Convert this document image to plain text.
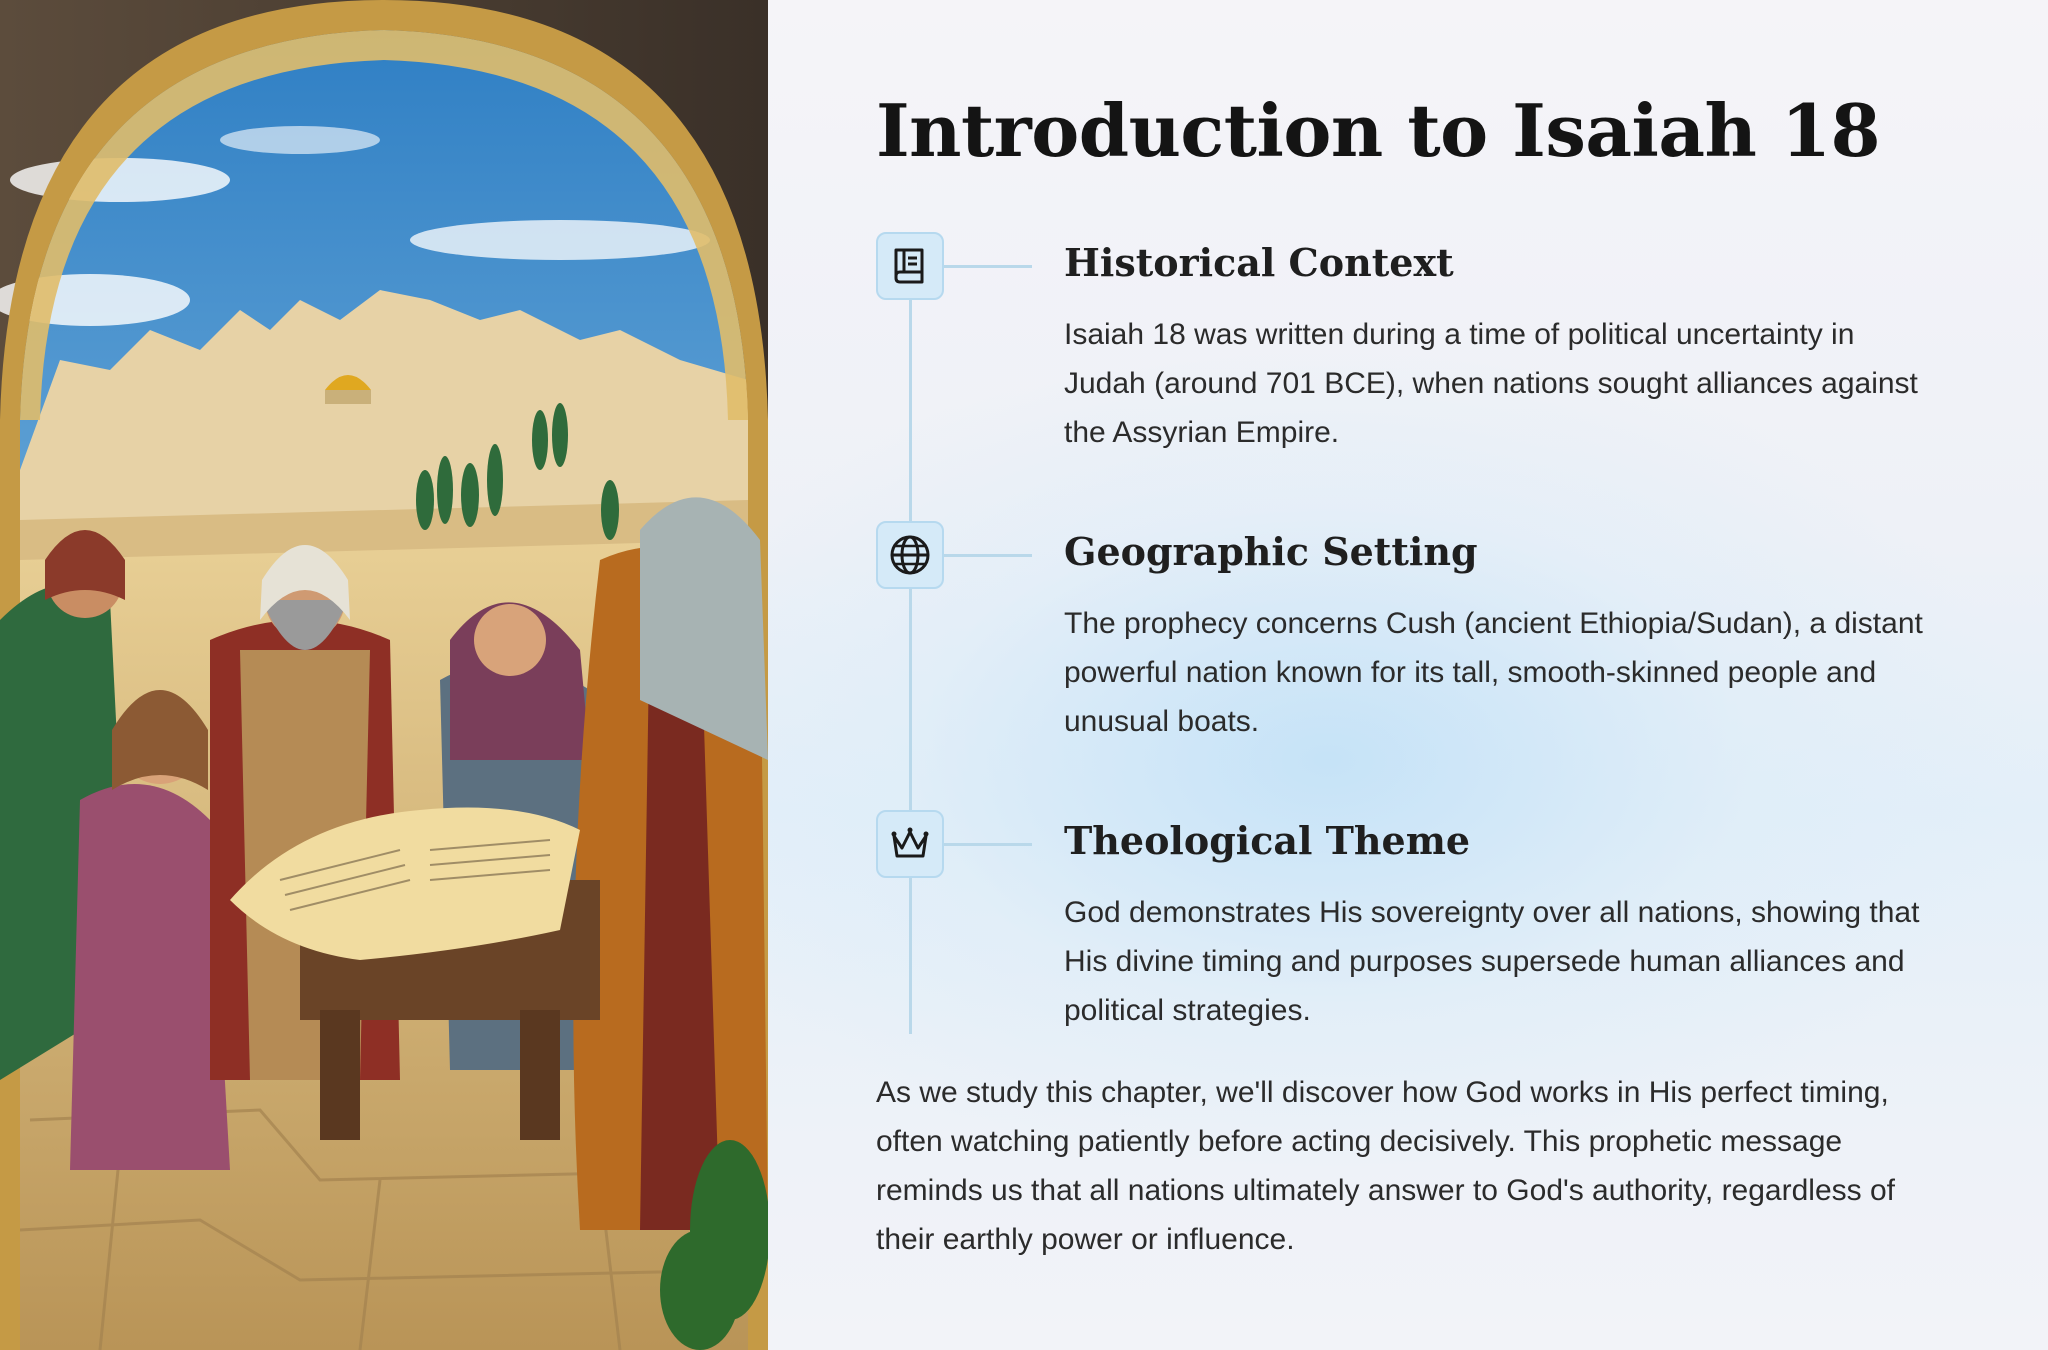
Introduction to Isaiah 18
Historical Context

Isaiah 18 was written during a time of political uncertainty in Judah (around 701 BCE), when nations sought alliances against the Assyrian Empire.

Geographic Setting

The prophecy concerns Cush (ancient Ethiopia/Sudan), a distant powerful nation known for its tall, smooth-skinned people and unusual boats.

Theological Theme

God demonstrates His sovereignty over all nations, showing that His divine timing and purposes supersede human alliances and political strategies.

As we study this chapter, we'll discover how God works in His perfect timing, often watching patiently before acting decisively. This prophetic message reminds us that all nations ultimately answer to God's authority, regardless of their earthly power or influence.
